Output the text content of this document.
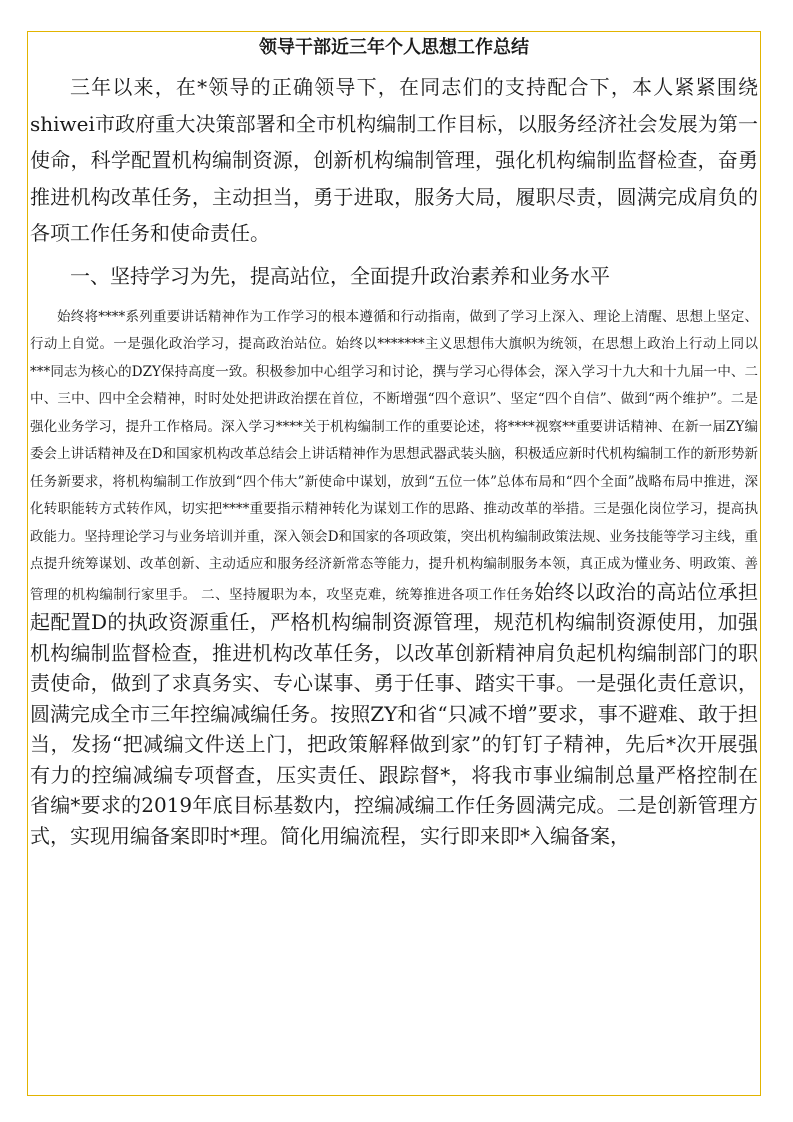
领导干部近三年个人思想工作总结

三年以来，在*领导的正确领导下，在同志们的支持配合下，本人紧紧围绕shiwei市政府重大决策部署和全市机构编制工作目标，以服务经济社会发展为第一使命，科学配置机构编制资源，创新机构编制管理，强化机构编制监督检查，奋勇推进机构改革任务，主动担当，勇于进取，服务大局，履职尽责，圆满完成肩负的各项工作任务和使命责任。

一、坚持学习为先，提高站位，全面提升政治素养和业务水平

始终将****系列重要讲话精神作为工作学习的根本遵循和行动指南，做到了学习上深入、理论上清醒、思想上坚定、行动上自觉。一是强化政治学习，提高政治站位。始终以*******主义思想伟大旗帜为统领，在思想上政治上行动上同以***同志为核心的DZY保持高度一致。积极参加中心组学习和讨论，撰与学习心得体会，深入学习十九大和十九届一中、二中、三中、四中全会精神，时时处处把讲政治摆在首位，不断增强“四个意识”、坚定“四个自信”、做到“两个维护”。二是强化业务学习，提升工作格局。深入学习****关于机构编制工作的重要论述，将****视察**重要讲话精神、在新一届ZY编委会上讲话精神及在D和国家机构改革总结会上讲话精神作为思想武器武装头脑，积极适应新时代机构编制工作的新形势新任务新要求，将机构编制工作放到“四个伟大”新使命中谋划，放到“五位一体”总体布局和“四个全面”战略布局中推进，深化转职能转方式转作风，切实把****重要指示精神转化为谋划工作的思路、推动改革的举措。三是强化岗位学习，提高执政能力。坚持理论学习与业务培训并重，深入领会D和国家的各项政策，突出机构编制政策法规、业务技能等学习主线，重点提升统筹谋划、改革创新、主动适应和服务经济新常态等能力，提升机构编制服务本领，真正成为懂业务、明政策、善管理的机构编制行家里手。 二、坚持履职为本，攻坚克难，统筹推进各项工作任务始终以政治的高站位承担起配置D的执政资源重任，严格机构编制资源管理，规范机构编制资源使用，加强机构编制监督检查，推进机构改革任务，以改革创新精神肩负起机构编制部门的职责使命，做到了求真务实、专心谋事、勇于任事、踏实干事。一是强化责任意识，圆满完成全市三年控编减编任务。按照ZY和省“只减不增”要求，事不避难、敢于担当，发扬“把减编文件送上门，把政策解释做到家”的钉钉子精神，先后*次开展强有力的控编减编专项督查，压实责任、跟踪督*，将我市事业编制总量严格控制在省编*要求的2019年底目标基数内，控编减编工作任务圆满完成。二是创新管理方式，实现用编备案即时*理。简化用编流程，实行即来即*入编备案，
